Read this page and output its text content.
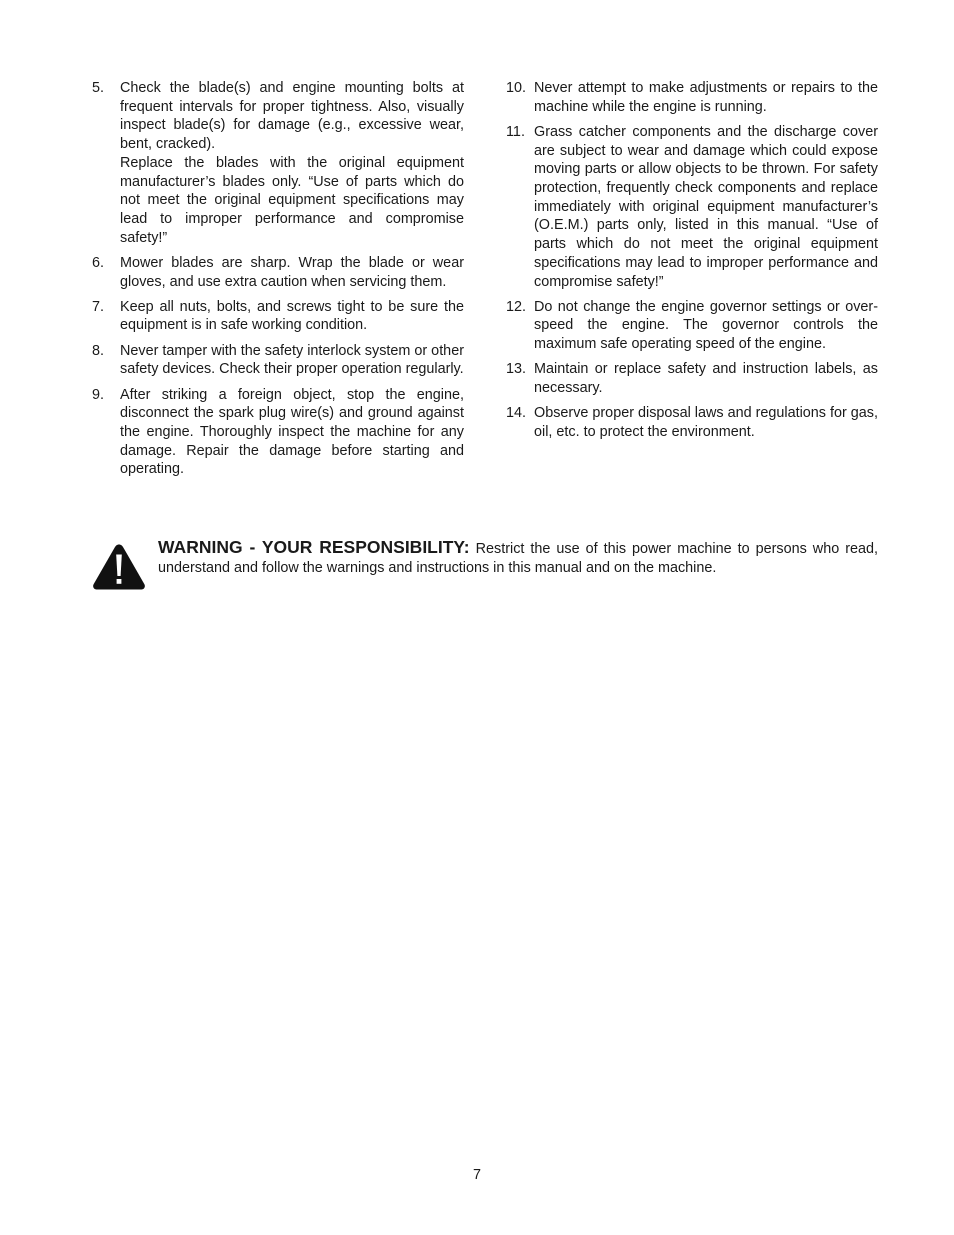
5.	Check the blade(s) and engine mounting bolts at frequent intervals for proper tightness. Also, visually inspect blade(s) for damage (e.g., excessive wear, bent, cracked).

Replace the blades with the original equipment manufacturer’s blades only. “Use of parts which do not meet the original equipment specifications may lead to improper performance and compromise safety!”

6.	Mower blades are sharp. Wrap the blade or wear gloves, and use extra caution when servicing them.

7.	Keep all nuts, bolts, and screws tight to be sure the equipment is in safe working condition.

8.	Never tamper with the safety interlock system or other safety devices. Check their proper operation regularly.

9.	After striking a foreign object, stop the engine, disconnect the spark plug wire(s) and ground against the engine. Thoroughly inspect the machine for any damage. Repair the damage before starting and operating.

10. Never attempt to make adjustments or repairs to the machine while the engine is running.

11. Grass catcher components and the discharge cover are subject to wear and damage which could expose moving parts or allow objects to be thrown. For safety protection, frequently check components and replace immediately with original equipment manufacturer’s (O.E.M.) parts only, listed in this manual. “Use of parts which do not meet the original equipment specifications may lead to improper performance and compromise safety!”

12. Do not change the engine governor settings or over-speed the engine. The governor controls the maximum safe operating speed of the engine.

13. Maintain or replace safety and instruction labels, as necessary.

14. Observe proper disposal laws and regulations for gas, oil, etc. to protect the environment.

WARNING - YOUR RESPONSIBILITY: Restrict the use of this power machine to persons who read, understand and follow the warnings and instructions in this manual and on the machine.
7
